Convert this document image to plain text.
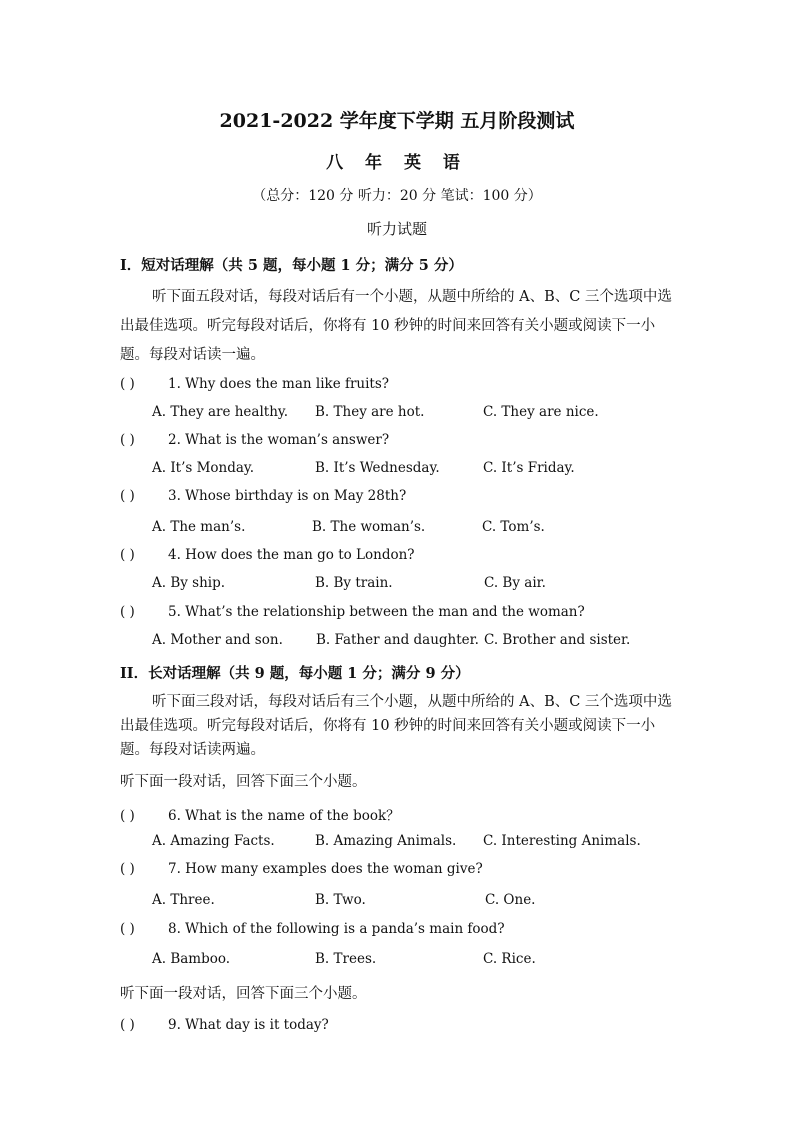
2021-2022 学年度下学期 五月阶段测试
八 年 英 语
（总分：120 分 听力：20 分 笔试：100 分）
听力试题
I．短对话理解（共 5 题，每小题 1 分；满分 5 分）
听下面五段对话，每段对话后有一个小题，从题中所给的 A、B、C 三个选项中选出最佳选项。听完每段对话后，你将有 10 秒钟的时间来回答有关小题或阅读下一小题。每段对话读一遍。
( ) 1. Why does the man like fruits?
A. They are healthy. B. They are hot.	C. They are nice.
( ) 2. What is the woman’s answer?
A. It’s Monday.	B. It’s Wednesday.	C. It’s Friday.
( ) 3. Whose birthday is on May 28th?
A. The man’s.	B. The woman’s.	C. Tom’s.
( ) 4. How does the man go to London?
A. By ship.	B. By train.	C. By air.
( ) 5. What’s the relationship between the man and the woman?
A. Mother and son. B. Father and daughter. C. Brother and sister.
II．长对话理解（共 9 题，每小题 1 分；满分 9 分）
听下面三段对话，每段对话后有三个小题，从题中所给的 A、B、C 三个选项中选出最佳选项。听完每段对话后，你将有 10 秒钟的时间来回答有关小题或阅读下一小题。每段对话读两遍。
听下面一段对话，回答下面三个小题。
( ) 6. What is the name of the book？
A. Amazing Facts.	B. Amazing Animals. C. Interesting Animals.
( ) 7. How many examples does the woman give?
A. Three.	B. Two.	C. One.
( ) 8. Which of the following is a panda’s main food?
A. Bamboo.	B. Trees.	C. Rice.
听下面一段对话，回答下面三个小题。
( ) 9. What day is it today?
